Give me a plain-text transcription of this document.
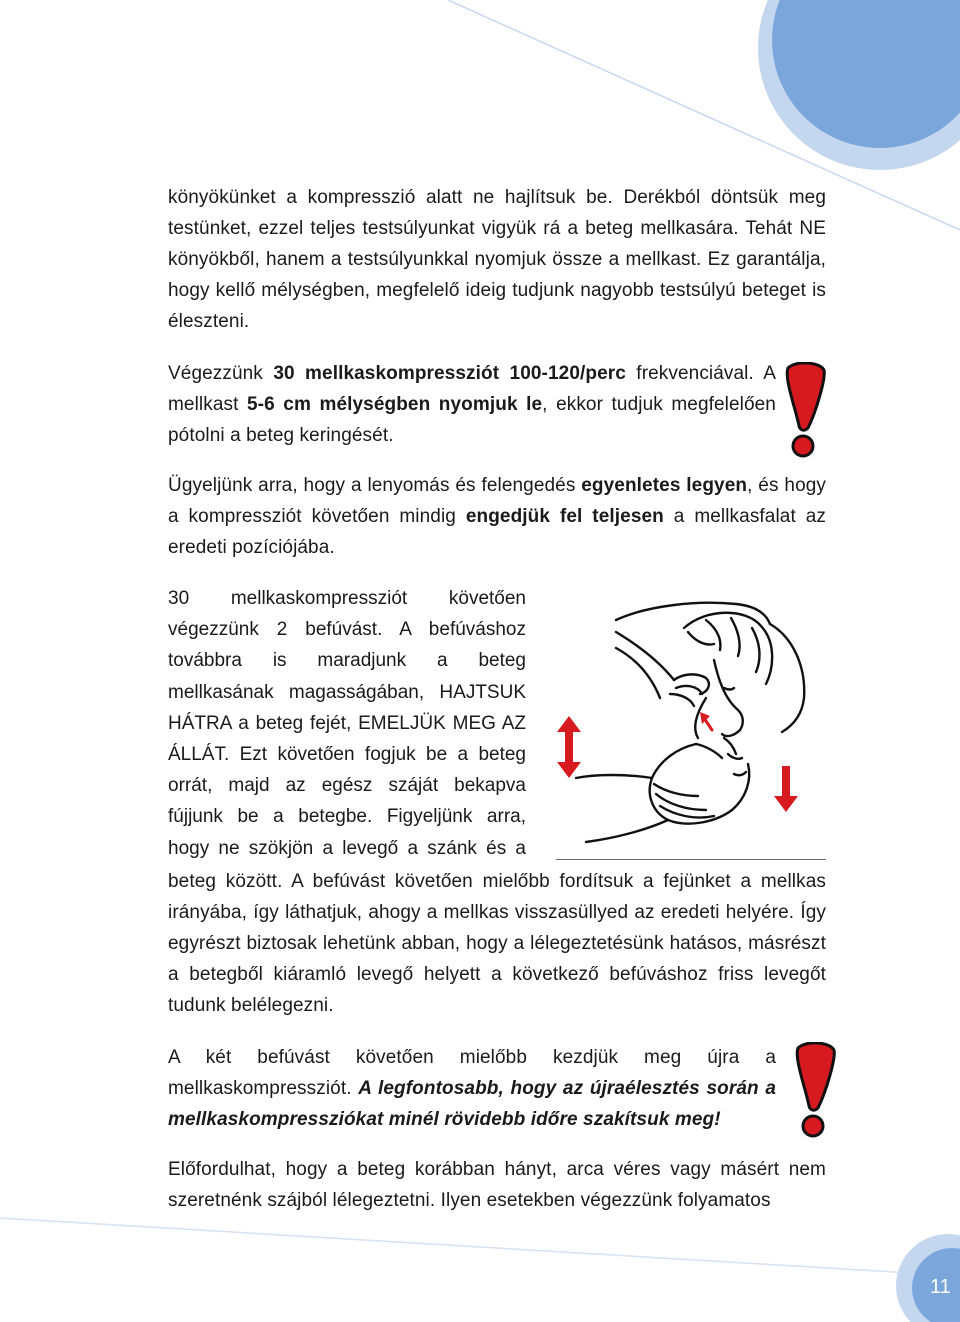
11

könyökünket a kompresszió alatt ne hajlítsuk be. Derékból döntsük meg testünket, ezzel teljes testsúlyunkat vigyük rá a beteg mellkasára. Tehát NE könyökből, hanem a testsúlyunkkal nyomjuk össze a mellkast. Ez garantálja, hogy kellő mélységben, megfelelő ideig tudjunk nagyobb testsúlyú beteget is éleszteni.

Végezzünk 30 mellkaskompressziót 100-120/perc frekvenciával. A mellkast 5-6 cm mélységben nyomjuk le, ekkor tudjuk megfelelően pótolni a beteg keringését.

Ügyeljünk arra, hogy a lenyomás és felengedés egyenletes legyen, és hogy a kompressziót követően mindig engedjük fel teljesen a mellkasfalat az eredeti pozíciójába.

30 mellkaskompressziót követően
végezzünk 2 befúvást. A befúváshoz
továbbra is maradjunk a beteg
mellkasának magasságában, HAJTSUK
HÁTRA a beteg fejét, EMELJÜK MEG AZ
ÁLLÁT. Ezt követően fogjuk be a beteg
orrát, majd az egész száját bekapva
fújjunk be a betegbe. Figyeljünk arra,
hogy ne szökjön a levegő a szánk és a

beteg között. A befúvást követően mielőbb fordítsuk a fejünket a mellkas irányába, így láthatjuk, ahogy a mellkas visszasüllyed az eredeti helyére. Így egyrészt biztosak lehetünk abban, hogy a lélegeztetésünk hatásos, másrészt a betegből kiáramló levegő helyett a következő befúváshoz friss levegőt tudunk belélegezni.

A két befúvást követően mielőbb kezdjük meg újra a mellkaskompressziót. A legfontosabb, hogy az újraélesztés során a mellkaskompressziókat minél rövidebb időre szakítsuk meg!

Előfordulhat, hogy a beteg korábban hányt, arca véres vagy másért nem szeretnénk szájból lélegeztetni. Ilyen esetekben végezzünk folyamatos
